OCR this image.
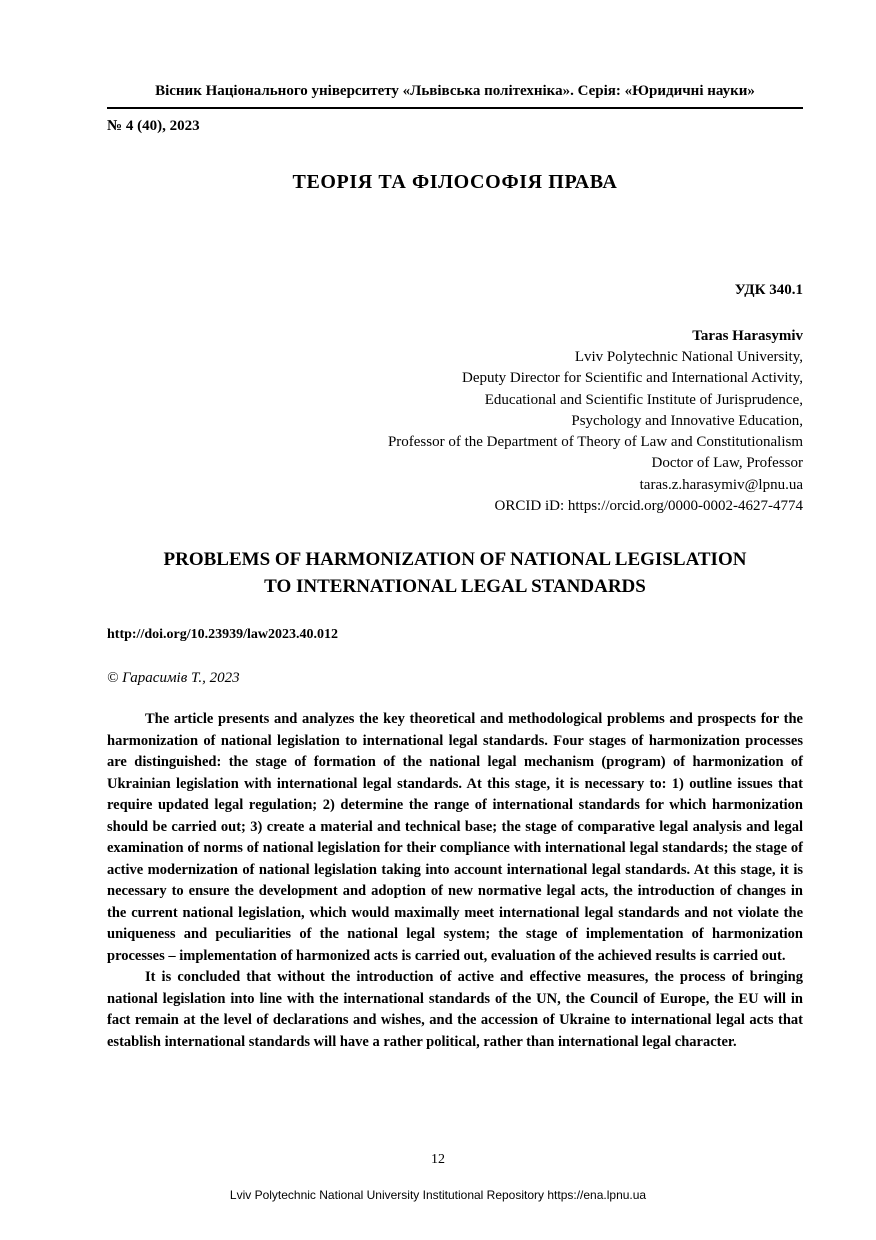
Вісник Національного університету «Львівська політехніка». Серія: «Юридичні науки»
№ 4 (40), 2023
ТЕОРІЯ ТА ФІЛОСОФІЯ ПРАВА
УДК 340.1
Taras Harasymiv
Lviv Polytechnic National University,
Deputy Director for Scientific and International Activity,
Educational and Scientific Institute of Jurisprudence,
Psychology and Innovative Education,
Professor of the Department of Theory of Law and Constitutionalism
Doctor of Law, Professor
taras.z.harasymiv@lpnu.ua
ORCID iD: https://orcid.org/0000-0002-4627-4774
PROBLEMS OF HARMONIZATION OF NATIONAL LEGISLATION
TO INTERNATIONAL LEGAL STANDARDS
http://doi.org/10.23939/law2023.40.012
© Гарасимів Т., 2023

The article presents and analyzes the key theoretical and methodological problems and prospects for the harmonization of national legislation to international legal standards. Four stages of harmonization processes are distinguished: the stage of formation of the national legal mechanism (program) of harmonization of Ukrainian legislation with international legal standards. At this stage, it is necessary to: 1) outline issues that require updated legal regulation; 2) determine the range of international standards for which harmonization should be carried out; 3) create a material and technical base; the stage of comparative legal analysis and legal examination of norms of national legislation for their compliance with international legal standards; the stage of active modernization of national legislation taking into account international legal standards. At this stage, it is necessary to ensure the development and adoption of new normative legal acts, the introduction of changes in the current national legislation, which would maximally meet international legal standards and not violate the uniqueness and peculiarities of the national legal system; the stage of implementation of harmonization processes – implementation of harmonized acts is carried out, evaluation of the achieved results is carried out.

It is concluded that without the introduction of active and effective measures, the process of bringing national legislation into line with the international standards of the UN, the Council of Europe, the EU will in fact remain at the level of declarations and wishes, and the accession of Ukraine to international legal acts that establish international standards will have a rather political, rather than international legal character.

12
Lviv Polytechnic National University Institutional Repository https://ena.lpnu.ua
